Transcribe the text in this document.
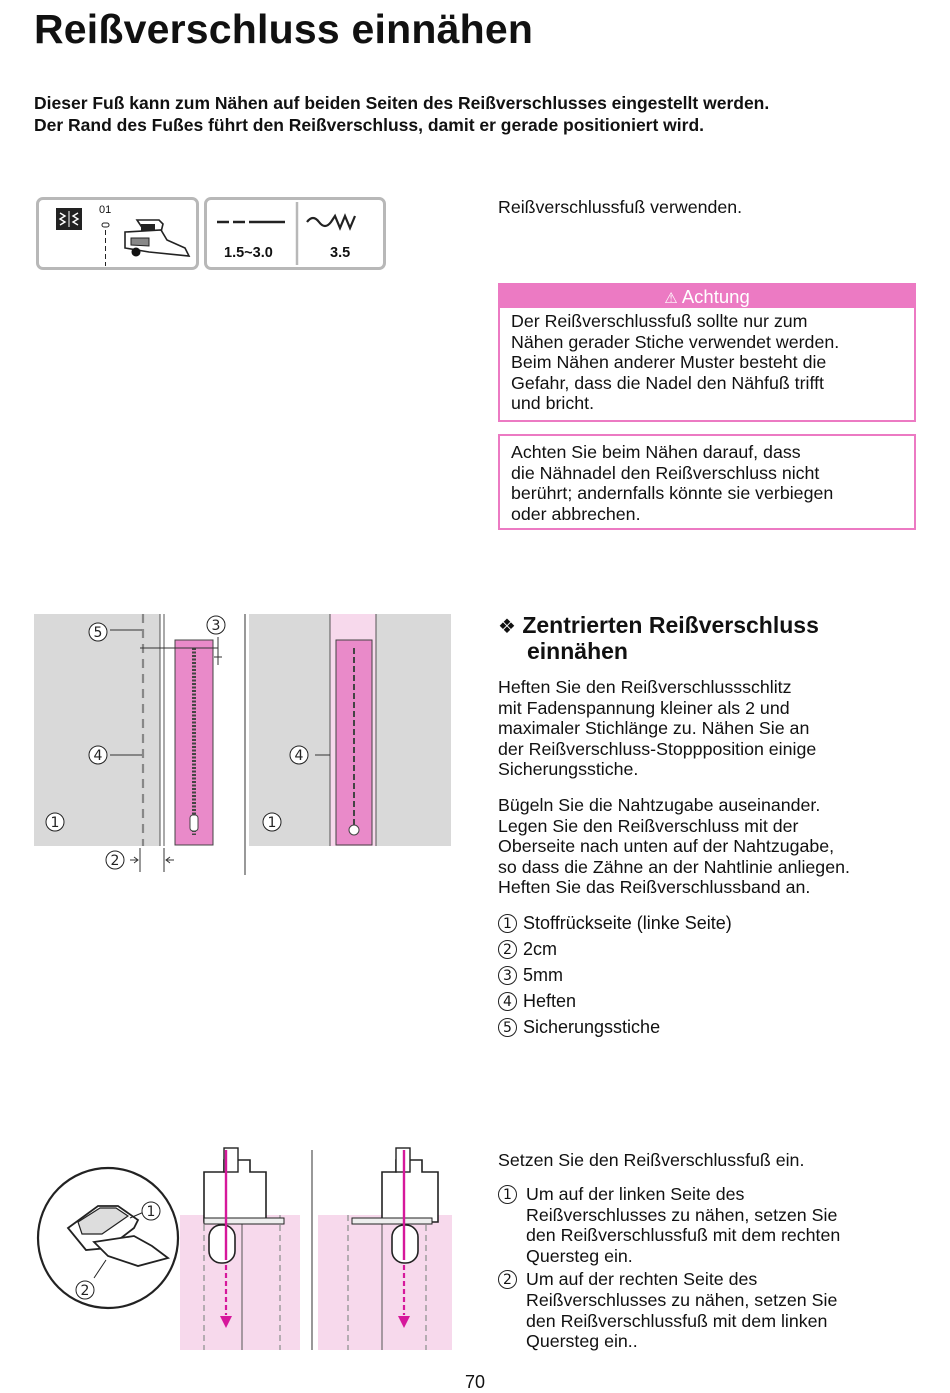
Reißverschluss einnähen
Dieser Fuß kann zum Nähen auf beiden Seiten des Reißverschlusses eingestellt werden.
Der Rand des Fußes führt den Reißverschluss, damit er gerade positioniert wird.
01
1.5~3.0	3.5
Reißverschlussfuß verwenden.
⚠ Achtung
Der Reißverschlussfuß sollte nur zum
Nähen gerader Stiche verwendet werden.
Beim Nähen anderer Muster besteht die
Gefahr, dass die Nadel den Nähfuß trifft
und bricht.
Achten Sie beim Nähen darauf, dass
die Nähnadel den Reißverschluss nicht
berührt; andernfalls könnte sie verbiegen
oder abbrechen.
5	3
4
1
2
4
1
❖ Zentrierten Reißverschluss
einnähen
Heften Sie den Reißverschlussschlitz
mit Fadenspannung kleiner als 2 und
maximaler Stichlänge zu. Nähen Sie an
der Reißverschluss-Stoppposition einige
Sicherungsstiche.
Bügeln Sie die Nahtzugabe auseinander.
Legen Sie den Reißverschluss mit der
Oberseite nach unten auf der Nahtzugabe,
so dass die Zähne an der Nahtlinie anliegen.
Heften Sie das Reißverschlussband an.
1 Stoffrückseite (linke Seite)
2 2cm
3 5mm
4 Heften
5 Sicherungsstiche
1
2
Setzen Sie den Reißverschlussfuß ein.
1 Um auf der linken Seite des
Reißverschlusses zu nähen, setzen Sie
den Reißverschlussfuß mit dem rechten
Quersteg ein.
2 Um auf der rechten Seite des
Reißverschlusses zu nähen, setzen Sie
den Reißverschlussfuß mit dem linken
Quersteg ein..
70
